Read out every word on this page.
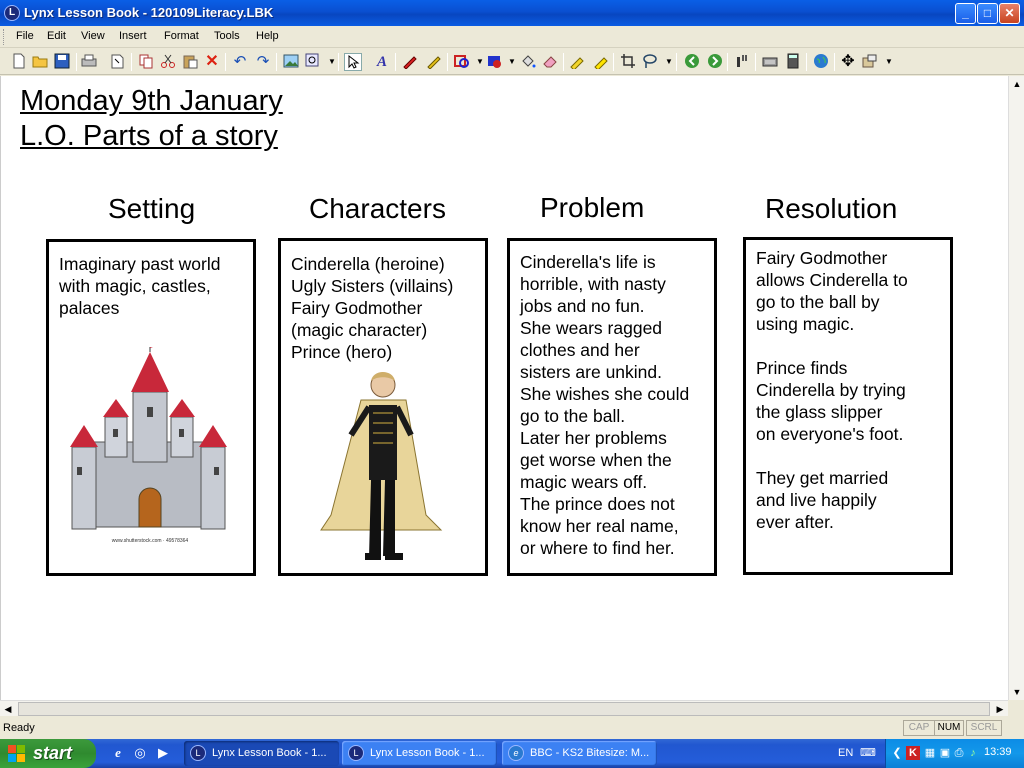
L Lynx Lesson Book - 120109Literacy.LBK	_	□	✕
File Edit View Insert Format Tools Help
✕ ↶ ↷	▼	A	▼	▼	▼	✥	▼
Monday 9th January
L.O. Parts of a story
Setting	Characters	Problem	Resolution
Imaginary past world
with magic, castles,
palaces
www.shutterstock.com · 49578364
Cinderella (heroine)
Ugly Sisters (villains)
Fairy Godmother
(magic character)
Prince (hero)
Cinderella's life is
horrible, with nasty
jobs and no fun.
She wears ragged
clothes and her
sisters are unkind.
She wishes she could
go to the ball.
Later her problems
get worse when the
magic wears off.
The prince does not
know her real name,
or where to find her.
Fairy Godmother
allows Cinderella to
go to the ball by
using magic.

Prince finds
Cinderella by trying
the glass slipper
on everyone's foot.

They get married
and live happily
ever after.
▲
▼
◀	▶
Ready	CAP NUM	SCRL
start	e	◎ ▶	L	Lynx Lesson Book - 1...	L	Lynx Lesson Book - 1...	e	BBC - KS2 Bitesize: M...	EN ⌨ ❮ K ▦ ▣ ⎙ ♪ 13:39
